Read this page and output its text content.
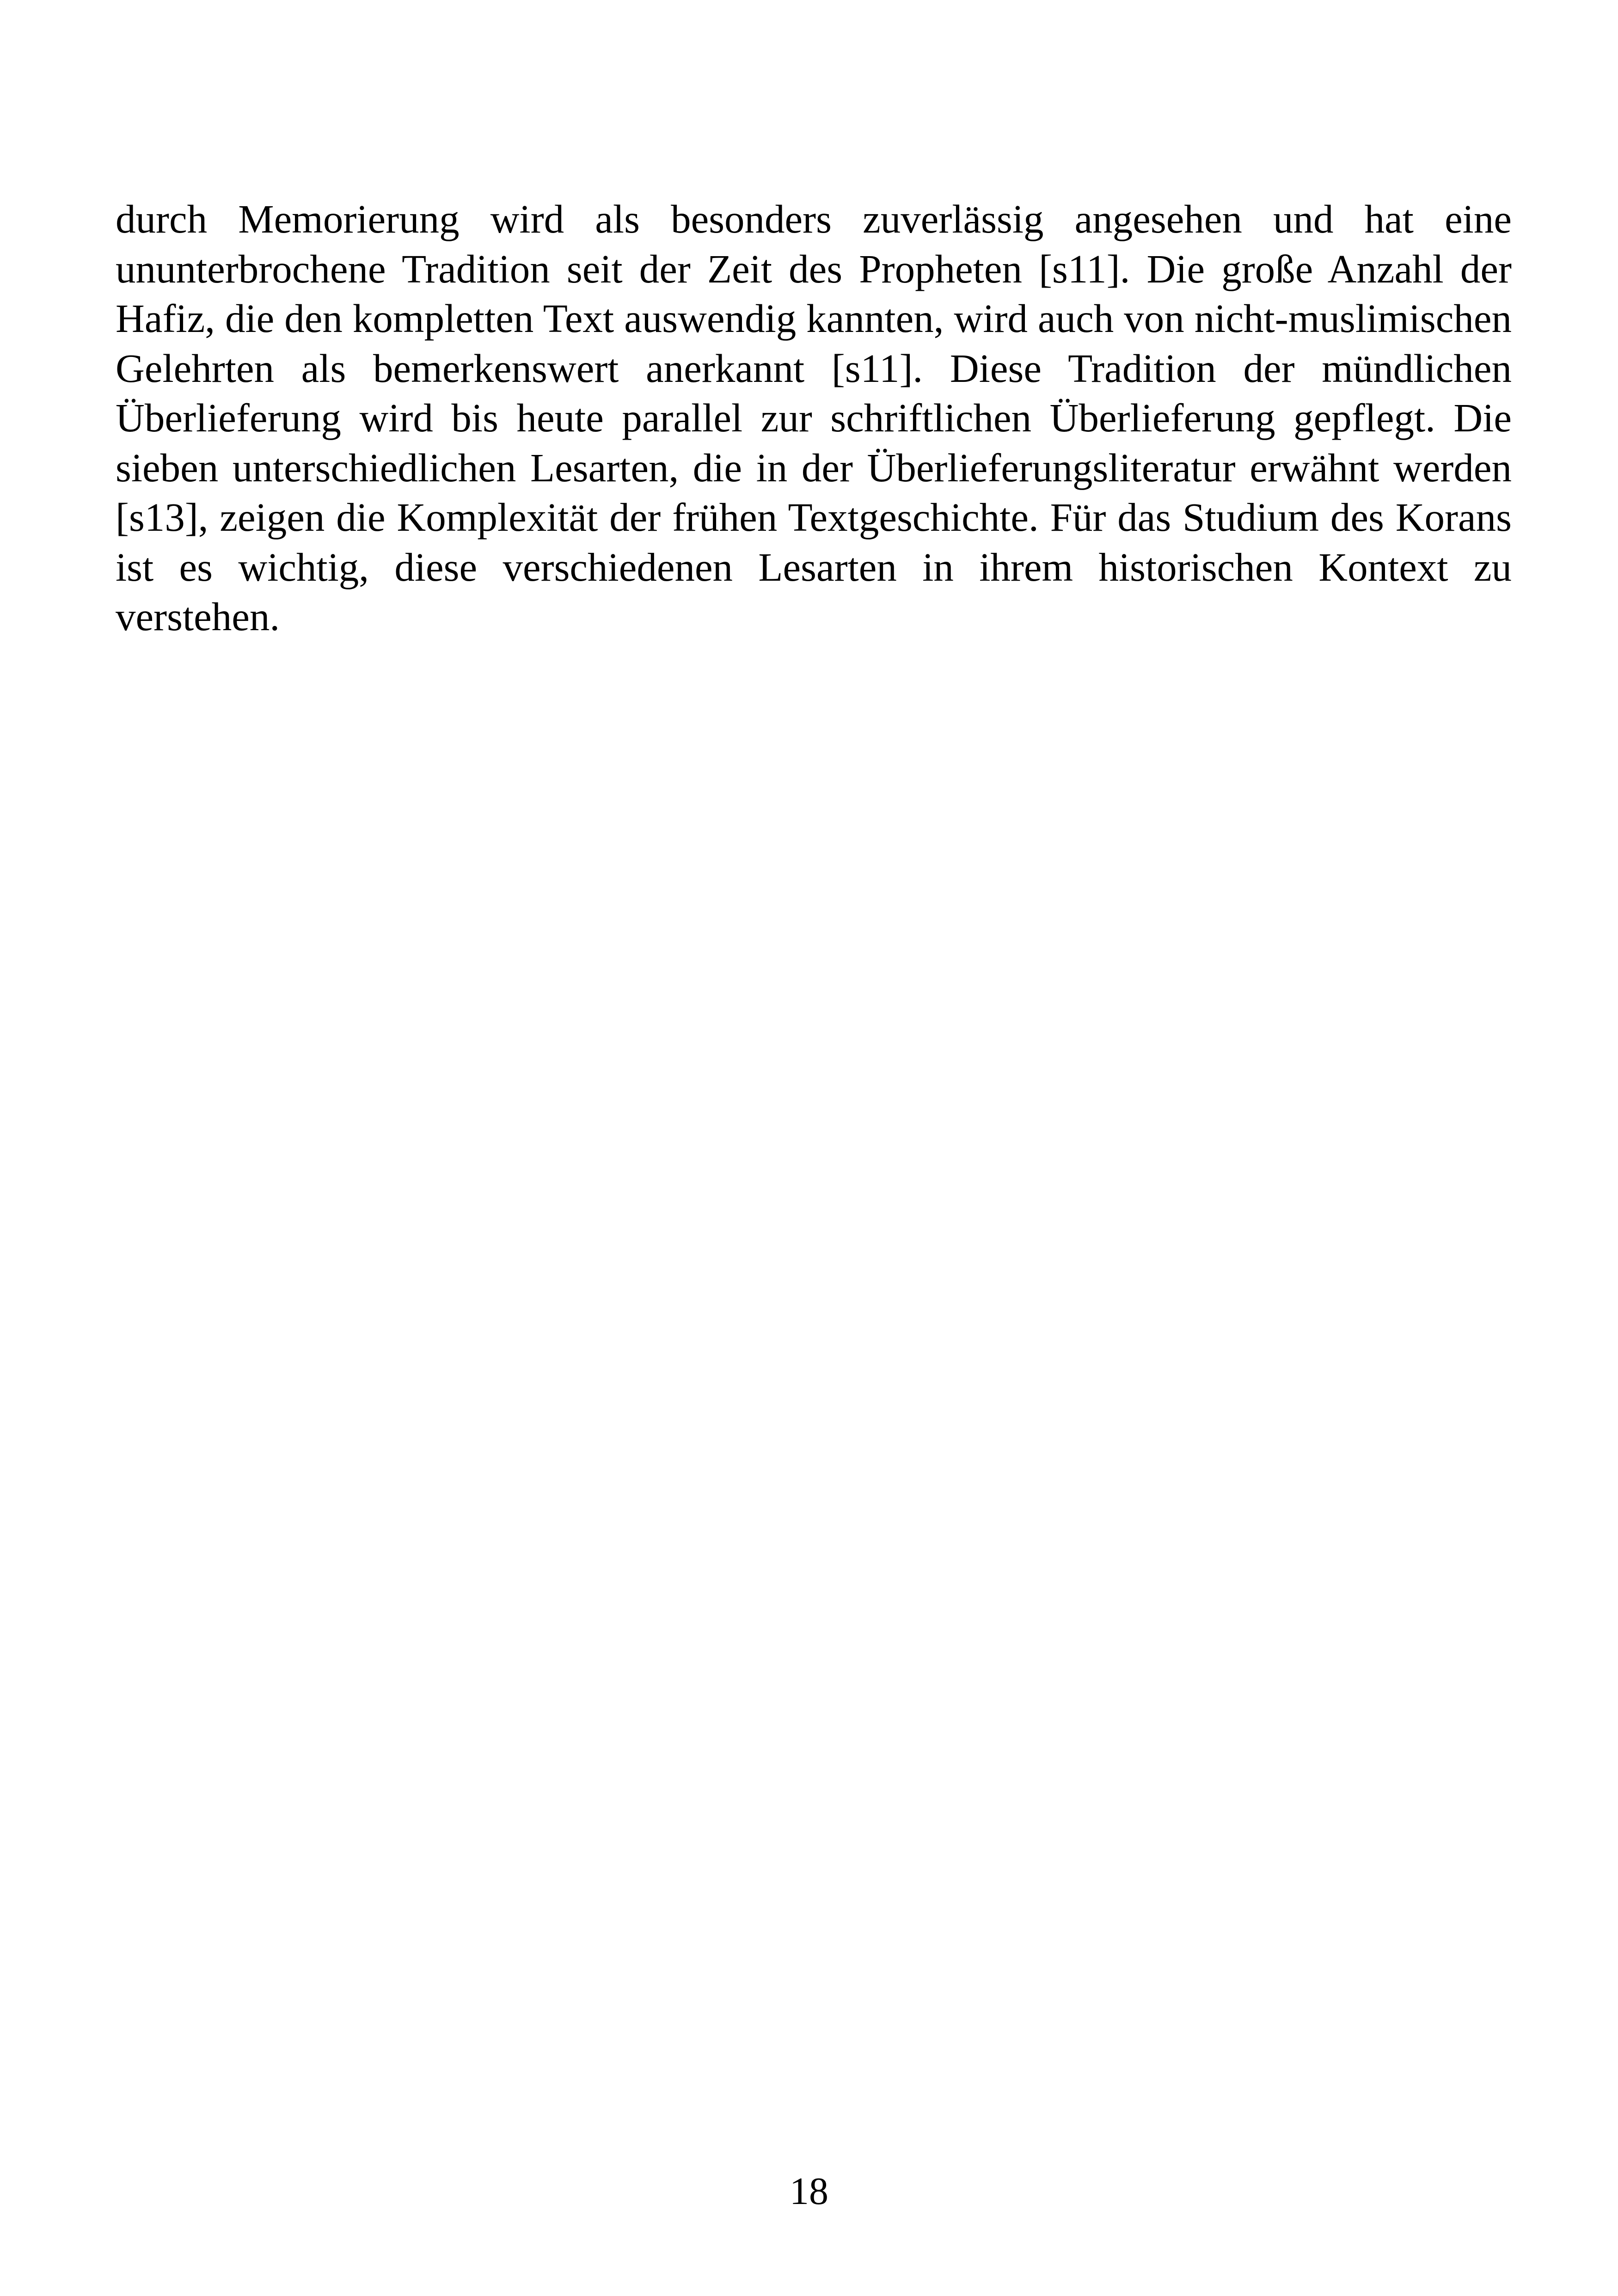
durch Memorierung wird als besonders zuverlässig angesehen und hat eine ununterbrochene Tradition seit der Zeit des Propheten [s11]. Die große Anzahl der Hafiz, die den kompletten Text auswendig kannten, wird auch von nicht-muslimischen Gelehrten als bemerkenswert anerkannt [s11]. Diese Tradition der mündlichen Überlieferung wird bis heute parallel zur schriftlichen Überlieferung gepflegt. Die sieben unterschiedlichen Lesarten, die in der Überlieferungsliteratur erwähnt werden [s13], zeigen die Komplexität der frühen Textgeschichte. Für das Studium des Korans ist es wichtig, diese verschiedenen Lesarten in ihrem historischen Kontext zu verstehen.

18
